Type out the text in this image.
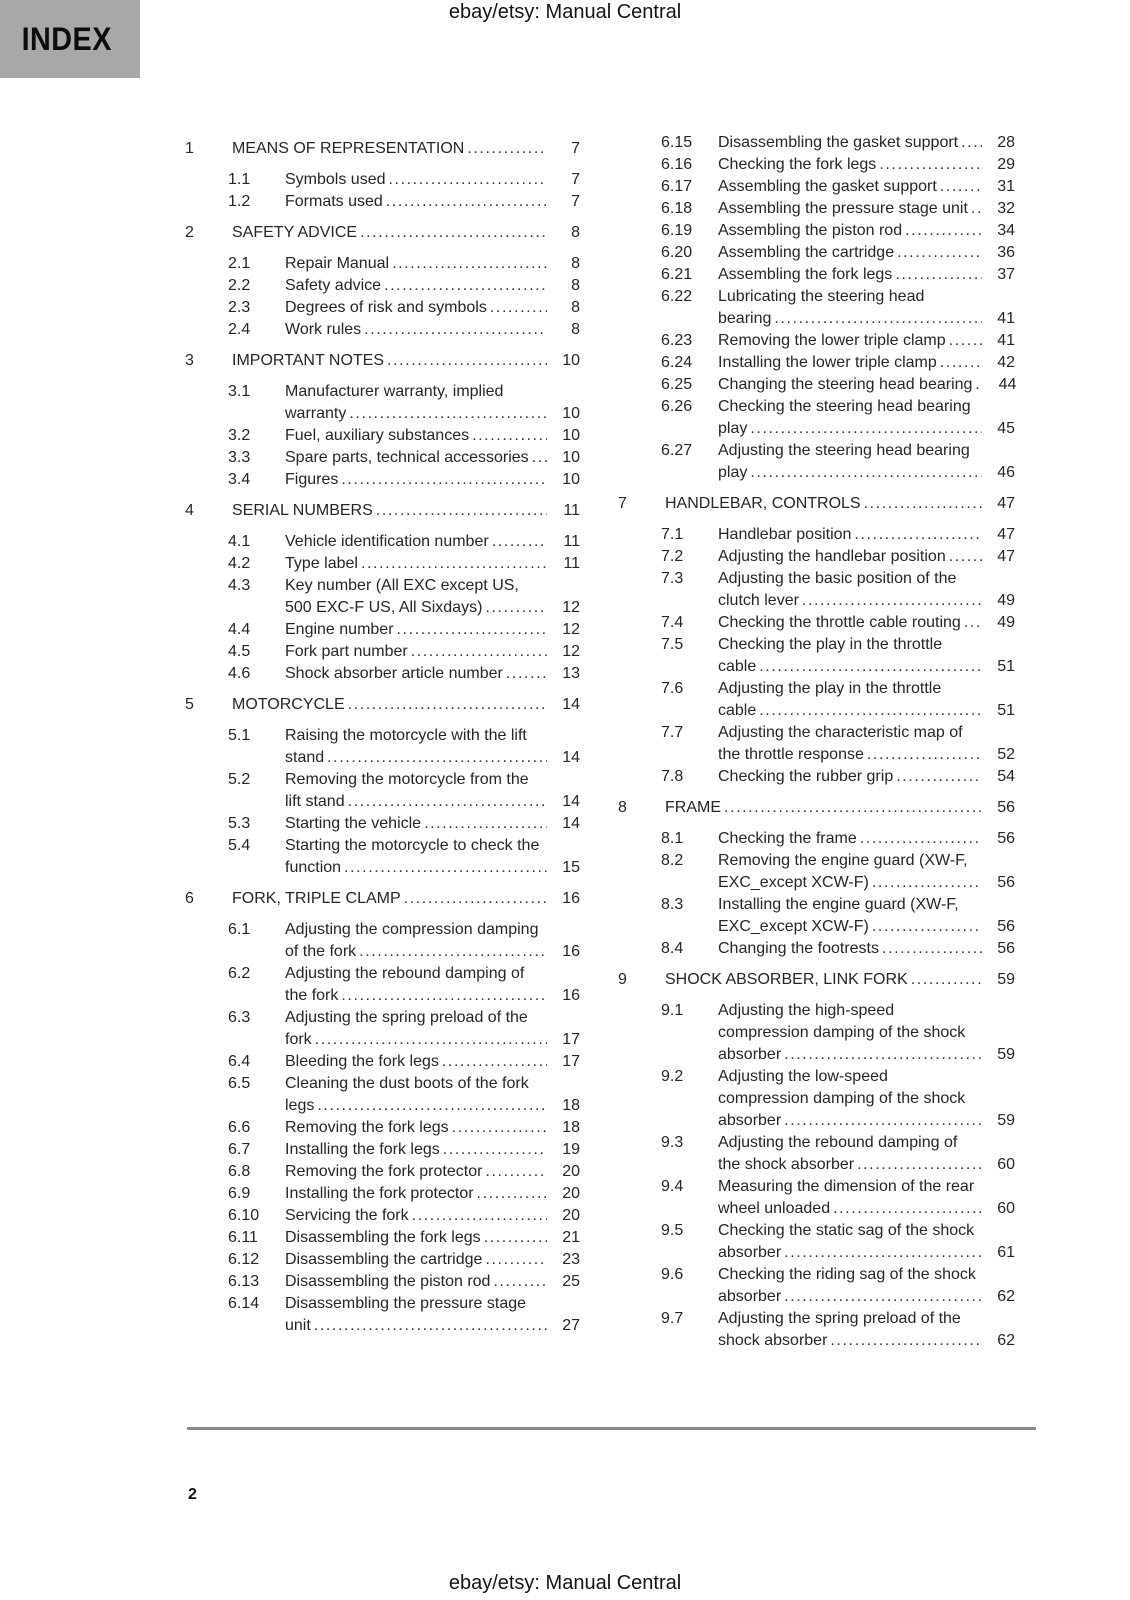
INDEX
ebay/etsy: Manual Central
1	MEANS OF REPRESENTATION .....	7
1.1	Symbols used .....	7
1.2	Formats used .....	7
2	SAFETY ADVICE .....	8
2.1	Repair Manual .....	8
2.2	Safety advice .....	8
2.3	Degrees of risk and symbols .....	8
2.4	Work rules .....	8
3	IMPORTANT NOTES .....	10
3.1	Manufacturer warranty, implied
warranty .....	10
3.2	Fuel, auxiliary substances .....	10
3.3	Spare parts, technical accessories .....	10
3.4	Figures .....	10
4	SERIAL NUMBERS .....	11
4.1	Vehicle identification number .....	11
4.2	Type label .....	11
4.3	Key number (All EXC except US,
500 EXC-F US, All Sixdays) .....	12
4.4	Engine number .....	12
4.5	Fork part number .....	12
4.6	Shock absorber article number .....	13
5	MOTORCYCLE .....	14
5.1	Raising the motorcycle with the lift
stand .....	14
5.2	Removing the motorcycle from the
lift stand .....	14
5.3	Starting the vehicle .....	14
5.4	Starting the motorcycle to check the
function .....	15
6	FORK, TRIPLE CLAMP .....	16
6.1	Adjusting the compression damping
of the fork .....	16
6.2	Adjusting the rebound damping of
the fork .....	16
6.3	Adjusting the spring preload of the
fork .....	17
6.4	Bleeding the fork legs .....	17
6.5	Cleaning the dust boots of the fork
legs .....	18
6.6	Removing the fork legs .....	18
6.7	Installing the fork legs .....	19
6.8	Removing the fork protector .....	20
6.9	Installing the fork protector .....	20
6.10	Servicing the fork .....	20
6.11	Disassembling the fork legs .....	21
6.12	Disassembling the cartridge .....	23
6.13	Disassembling the piston rod .....	25
6.14	Disassembling the pressure stage
unit .....	27
6.15	Disassembling the gasket support .....	28
6.16	Checking the fork legs .....	29
6.17	Assembling the gasket support .....	31
6.18	Assembling the pressure stage unit .....	32
6.19	Assembling the piston rod .....	34
6.20	Assembling the cartridge .....	36
6.21	Assembling the fork legs .....	37
6.22	Lubricating the steering head
bearing .....	41
6.23	Removing the lower triple clamp .....	41
6.24	Installing the lower triple clamp .....	42
6.25	Changing the steering head bearing .....	44
6.26	Checking the steering head bearing
play .....	45
6.27	Adjusting the steering head bearing
play .....	46
7	HANDLEBAR, CONTROLS .....	47
7.1	Handlebar position .....	47
7.2	Adjusting the handlebar position .....	47
7.3	Adjusting the basic position of the
clutch lever .....	49
7.4	Checking the throttle cable routing .....	49
7.5	Checking the play in the throttle
cable .....	51
7.6	Adjusting the play in the throttle
cable .....	51
7.7	Adjusting the characteristic map of
the throttle response .....	52
7.8	Checking the rubber grip .....	54
8	FRAME .....	56
8.1	Checking the frame .....	56
8.2	Removing the engine guard (XW-F,
EXC_except XCW-F) .....	56
8.3	Installing the engine guard (XW-F,
EXC_except XCW-F) .....	56
8.4	Changing the footrests .....	56
9	SHOCK ABSORBER, LINK FORK .....	59
9.1	Adjusting the high-speed
compression damping of the shock
absorber .....	59
9.2	Adjusting the low-speed
compression damping of the shock
absorber .....	59
9.3	Adjusting the rebound damping of
the shock absorber .....	60
9.4	Measuring the dimension of the rear
wheel unloaded .....	60
9.5	Checking the static sag of the shock
absorber .....	61
9.6	Checking the riding sag of the shock
absorber .....	62
9.7	Adjusting the spring preload of the
shock absorber .....	62
2
ebay/etsy: Manual Central
